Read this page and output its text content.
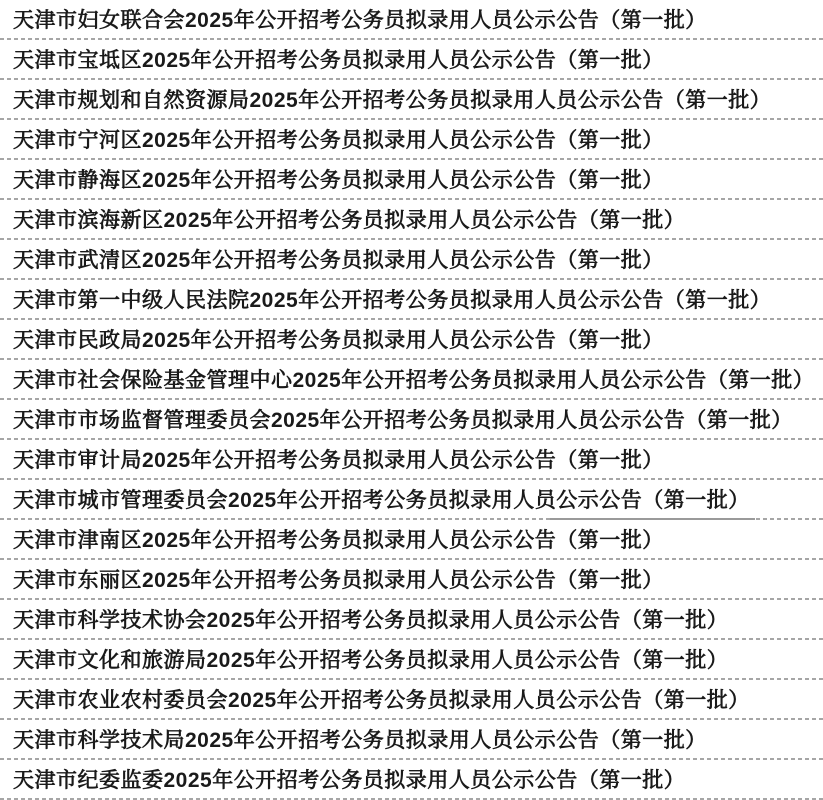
天津市妇女联合会2025年公开招考公务员拟录用人员公示公告（第一批）
天津市宝坻区2025年公开招考公务员拟录用人员公示公告（第一批）
天津市规划和自然资源局2025年公开招考公务员拟录用人员公示公告（第一批）
天津市宁河区2025年公开招考公务员拟录用人员公示公告（第一批）
天津市静海区2025年公开招考公务员拟录用人员公示公告（第一批）
天津市滨海新区2025年公开招考公务员拟录用人员公示公告（第一批）
天津市武清区2025年公开招考公务员拟录用人员公示公告（第一批）
天津市第一中级人民法院2025年公开招考公务员拟录用人员公示公告（第一批）
天津市民政局2025年公开招考公务员拟录用人员公示公告（第一批）
天津市社会保险基金管理中心2025年公开招考公务员拟录用人员公示公告（第一批）
天津市市场监督管理委员会2025年公开招考公务员拟录用人员公示公告（第一批）
天津市审计局2025年公开招考公务员拟录用人员公示公告（第一批）
天津市城市管理委员会2025年公开招考公务员拟录用人员公示公告（第一批）
天津市津南区2025年公开招考公务员拟录用人员公示公告（第一批）
天津市东丽区2025年公开招考公务员拟录用人员公示公告（第一批）
天津市科学技术协会2025年公开招考公务员拟录用人员公示公告（第一批）
天津市文化和旅游局2025年公开招考公务员拟录用人员公示公告（第一批）
天津市农业农村委员会2025年公开招考公务员拟录用人员公示公告（第一批）
天津市科学技术局2025年公开招考公务员拟录用人员公示公告（第一批）
天津市纪委监委2025年公开招考公务员拟录用人员公示公告（第一批）
